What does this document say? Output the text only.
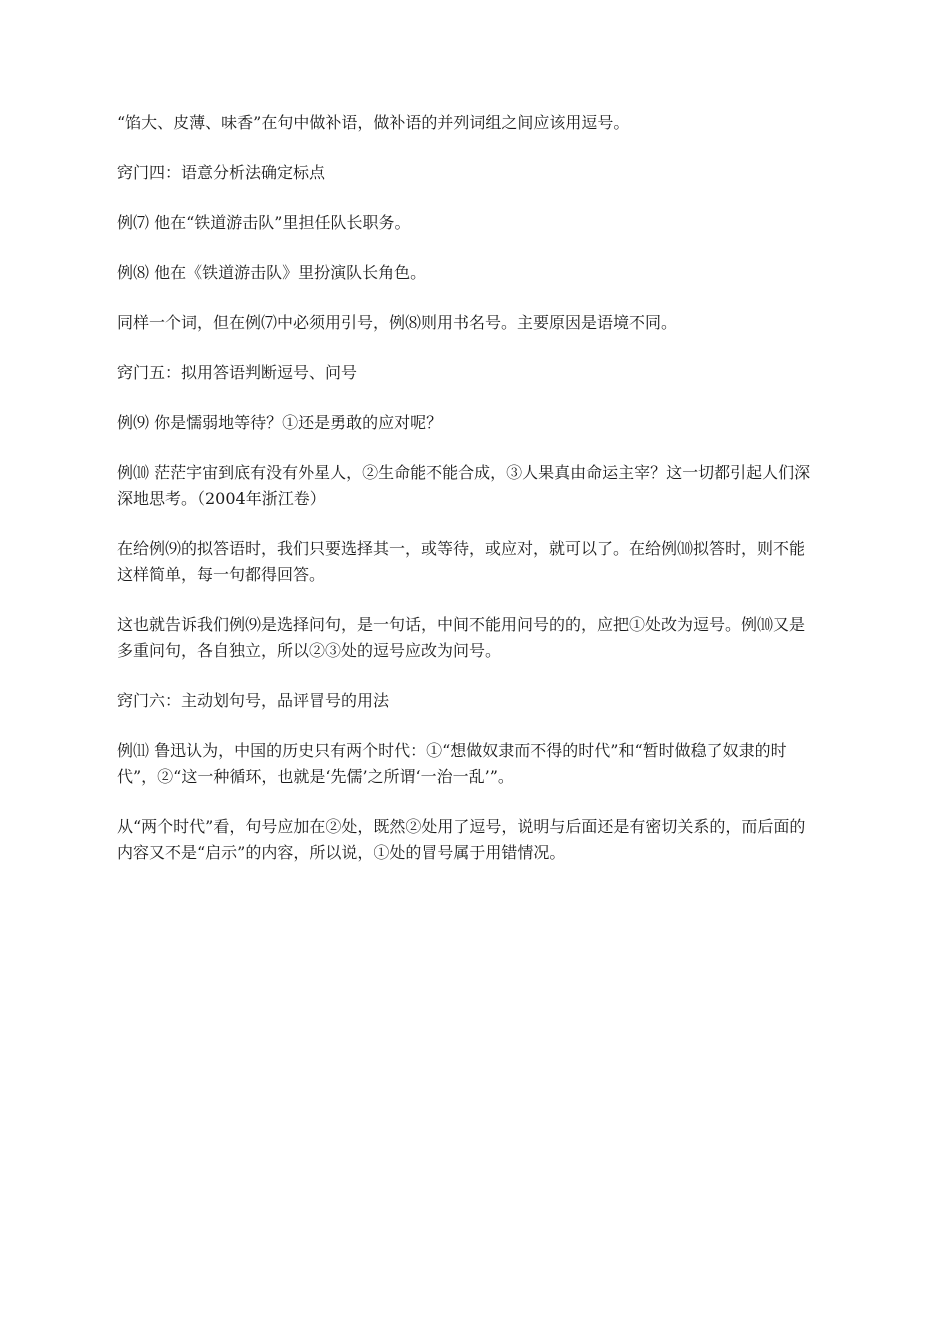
“馅大、皮薄、味香”在句中做补语，做补语的并列词组之间应该用逗号。

窍门四：语意分析法确定标点

例⑺ 他在“铁道游击队”里担任队长职务。

例⑻ 他在《铁道游击队》里扮演队长角色。

同样一个词，但在例⑺中必须用引号，例⑻则用书名号。主要原因是语境不同。

窍门五：拟用答语判断逗号、问号

例⑼ 你是懦弱地等待？①还是勇敢的应对呢？

例⑽ 茫茫宇宙到底有没有外星人，②生命能不能合成，③人果真由命运主宰？这一切都引起人们深深地思考。（2004年浙江卷）

在给例⑼的拟答语时，我们只要选择其一，或等待，或应对，就可以了。在给例⑽拟答时，则不能这样简单，每一句都得回答。

这也就告诉我们例⑼是选择问句，是一句话，中间不能用问号的的，应把①处改为逗号。例⑽又是多重问句，各自独立，所以②③处的逗号应改为问号。

窍门六：主动划句号，品评冒号的用法

例⑾ 鲁迅认为，中国的历史只有两个时代：①“想做奴隶而不得的时代”和“暂时做稳了奴隶的时代”，②“这一种循环，也就是‘先儒’之所谓‘一治一乱’”。

从“两个时代”看，句号应加在②处，既然②处用了逗号，说明与后面还是有密切关系的，而后面的内容又不是“启示”的内容，所以说，①处的冒号属于用错情况。
